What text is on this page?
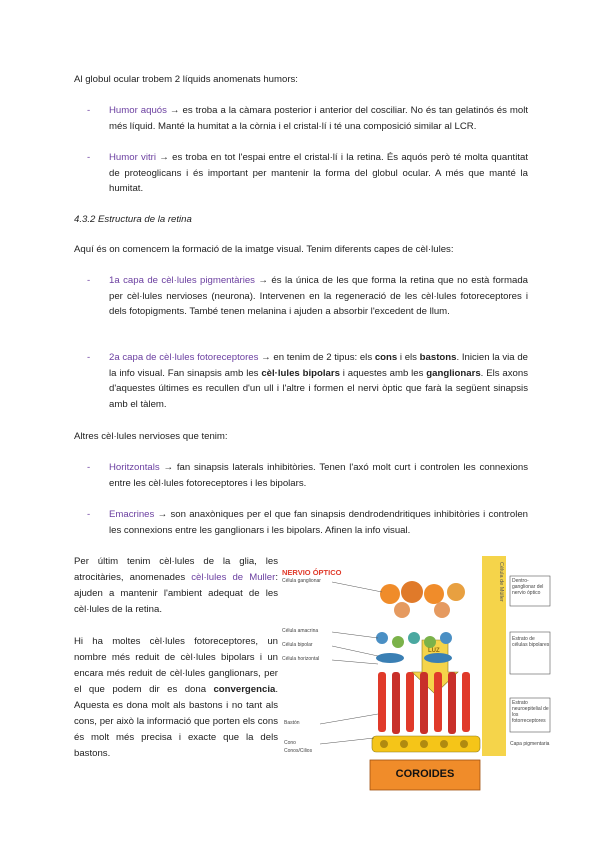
Al globul ocular trobem 2 líquids anomenats humors:

- Humor aquós → es troba a la càmara posterior i anterior del cosciliar. No és tan gelatinós és molt més líquid. Manté la humitat a la còrnia i el cristal·lí i té una composició similar al LCR.
- Humor vitri → es troba en tot l'espai entre el cristal·lí i la retina. És aquós però té molta quantitat de proteoglicans i és important per mantenir la forma del globul ocular. A més que manté la humitat.

4.3.2 Estructura de la retina

Aquí és on comencem la formació de la imatge visual. Tenim diferents capes de cèl·lules:

- 1a capa de cèl·lules pigmentàries → és la única de les que forma la retina que no està formada per cèl·lules nervioses (neurona). Intervenen en la regeneració de les cèl·lules fotoreceptores i dels fotopigments. També tenen melanina i ajuden a absorbir l'excedent de llum.
- 2a capa de cèl·lules fotoreceptores → en tenim de 2 tipus: els cons i els bastons. Inicien la via de la info visual. Fan sinapsis amb les cèl·lules bipolars i aquestes amb les ganglionars. Els axons d'aquestes últimes es recullen d'un ull i l'altre i formen el nervi òptic que farà la següent sinapsis amb el tàlem.

Altres cèl·lules nervioses que tenim:

- Horitzontals → fan sinapsis laterals inhibitòries. Tenen l'axó molt curt i controlen les connexions entre les cèl·lules fotoreceptores i les bipolars.
- Emacrines → son anaxòniques per el que fan sinapsis dendrodendritiques inhibitòries i controlen les connexions entre les ganglionars i les bipolars. Afinen la info visual.

Per últim tenim cèl·lules de la glia, les atrocitàries, anomenades cèl·lules de Muller: ajuden a mantenir l'ambient adequat de les cèl·lules de la retina.

Hi ha moltes cèl·lules fotoreceptores, un nombre més reduit de cèl·lules bipolars i un encara més reduit de cèl·lules ganglionars, per el que podem dir es dona convergencia. Aquesta es dona molt als bastons i no tant als cons, per això la informació que porten els cons és molt més precisa i exacte que la dels bastons.

NERVIO ÓPTICO	Célula de Müller
Célula ganglionar
Célula amacrina
Célula bipolar
Célula horizontal
Bastón
Cono
Conos/Cilios
Dentro-ganglionar del nervio óptico
Estrato de células bipolares
LUZ
Estrato neuroepitelial de los fotorreceptores
Capa pigmentaria
COROIDES
